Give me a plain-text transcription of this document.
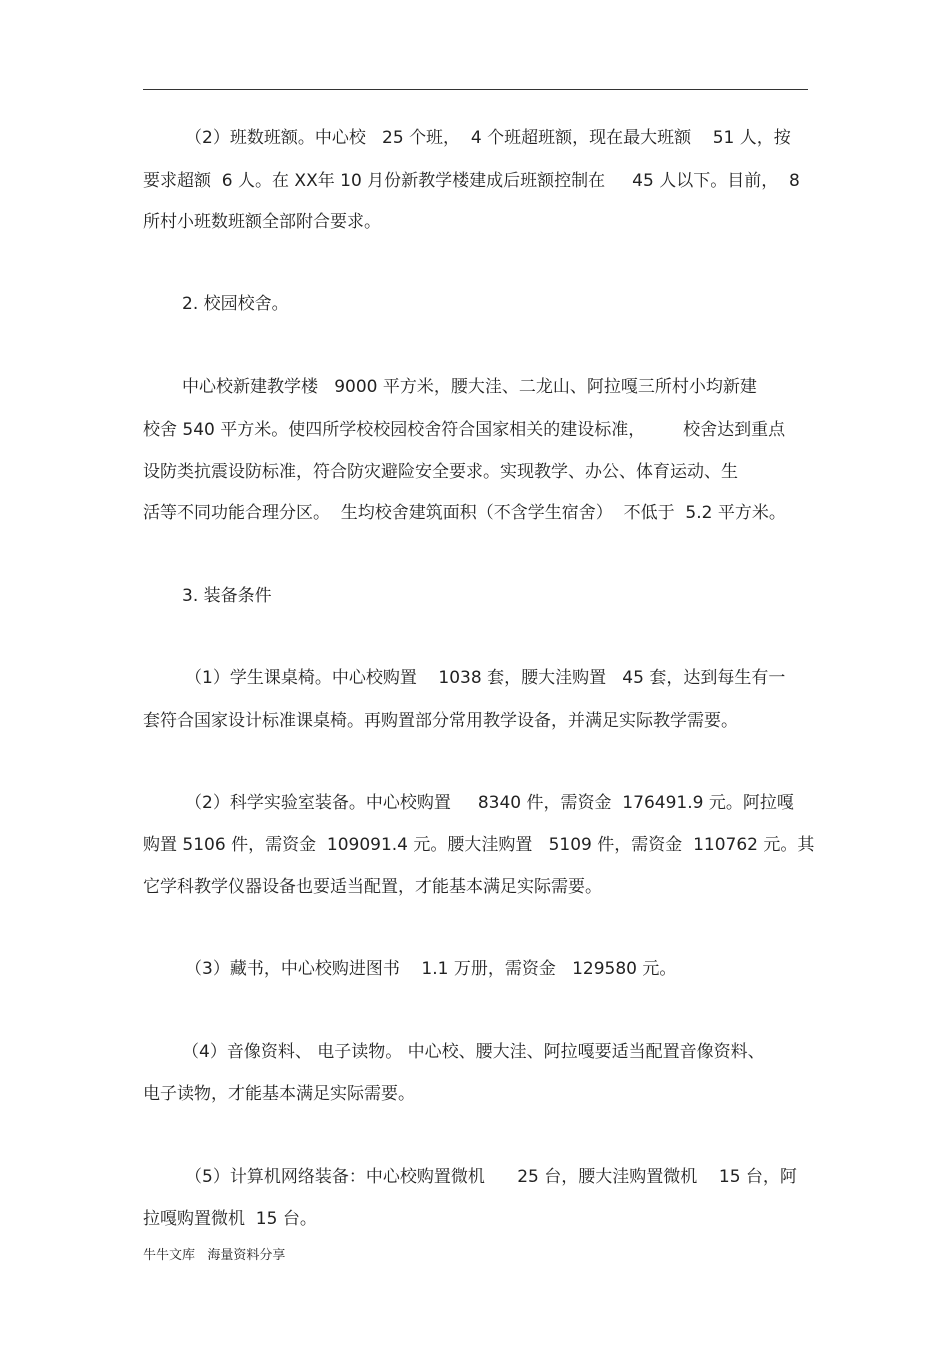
（2）班数班额。中心校   25 个班，  4 个班超班额，现在最大班额    51 人，按
要求超额  6 人。在 XX年 10 月份新教学楼建成后班额控制在     45 人以下。目前，  8
所村小班数班额全部附合要求。
2. 校园校舍。
中心校新建教学楼   9000 平方米，腰大洼、二龙山、阿拉嘎三所村小均新建
校舍 540 平方米。使四所学校校园校舍符合国家相关的建设标准，       校舍达到重点
设防类抗震设防标准，符合防灾避险安全要求。实现教学、办公、体育运动、生
活等不同功能合理分区。  生均校舍建筑面积（不含学生宿舍）  不低于  5.2 平方米。
3. 装备条件
（1）学生课桌椅。中心校购置    1038 套，腰大洼购置   45 套，达到每生有一
套符合国家设计标准课桌椅。再购置部分常用教学设备，并满足实际教学需要。
（2）科学实验室装备。中心校购置     8340 件，需资金  176491.9 元。阿拉嘎
购置 5106 件，需资金  109091.4 元。腰大洼购置   5109 件，需资金  110762 元。其
它学科教学仪器设备也要适当配置，才能基本满足实际需要。
（3）藏书，中心校购进图书    1.1 万册，需资金   129580 元。
（4）音像资料、 电子读物。 中心校、腰大洼、阿拉嘎要适当配置音像资料、
电子读物，才能基本满足实际需要。
（5）计算机网络装备：中心校购置微机      25 台，腰大洼购置微机    15 台，阿
拉嘎购置微机  15 台。
牛牛文库   海量资料分享
